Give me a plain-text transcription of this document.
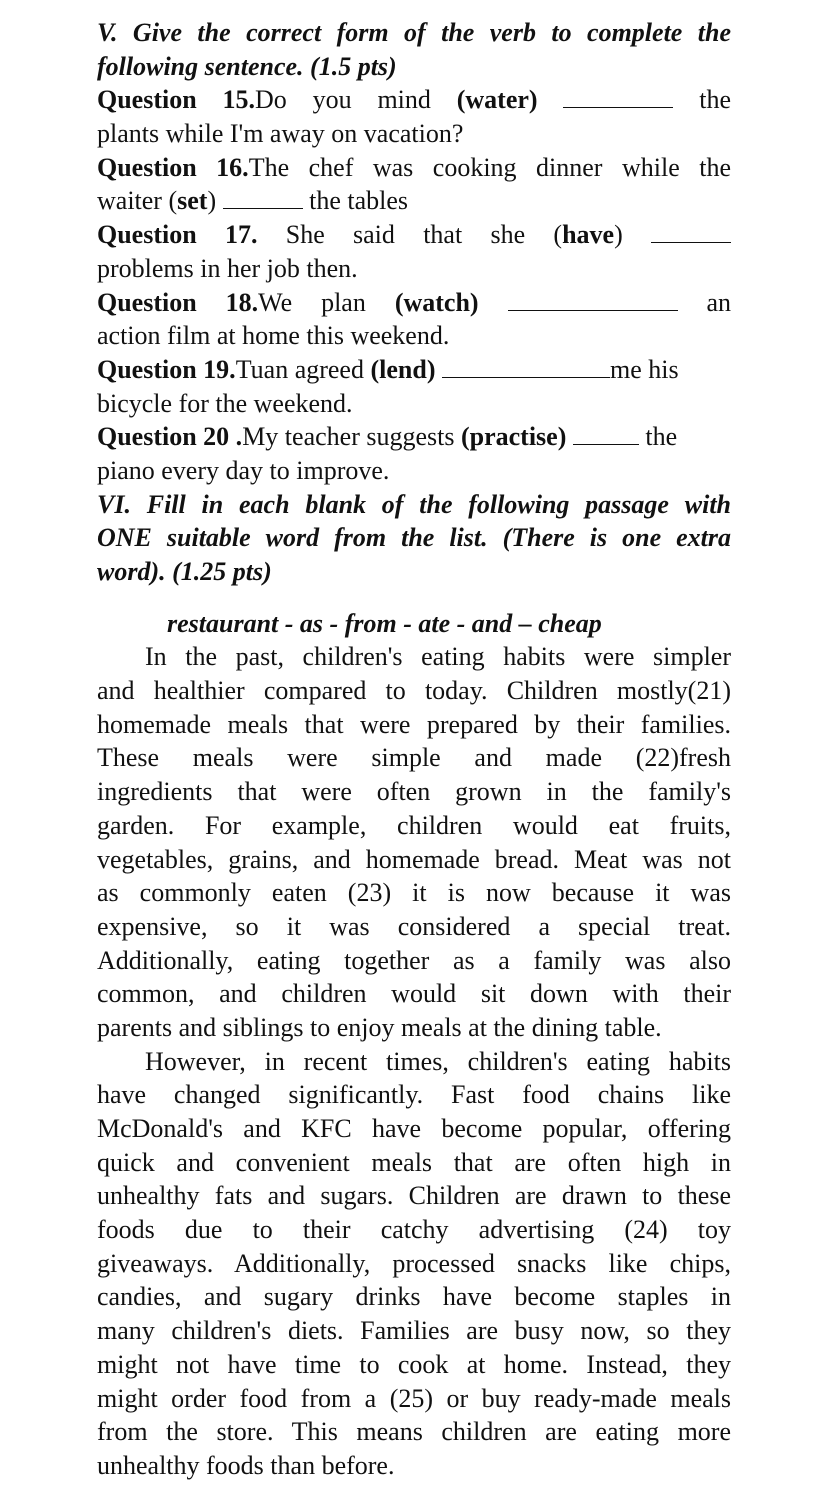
V. Give the correct form of the verb to complete the
following sentence. (1.5 pts)
Question 15.Do you mind (water)	the
plants while I'm away on vacation?
Question 16.The chef was cooking dinner while the
waiter (set)	the tables
Question 17. She said that she (have)
problems in her job then.
Question 18.We plan (watch)	an
action film at home this weekend.
Question 19.Tuan agreed (lend)	me his
bicycle for the weekend.
Question 20 .My teacher suggests (practise)	the
piano every day to improve.
VI. Fill in each blank of the following passage with
ONE suitable word from the list. (There is one extra
word). (1.25 pts)
restaurant - as - from - ate - and – cheap
In the past, children's eating habits were simpler
and healthier compared to today. Children mostly(21)
homemade meals that were prepared by their families.
These meals were simple and made (22)fresh
ingredients that were often grown in the family's
garden. For example, children would eat fruits,
vegetables, grains, and homemade bread. Meat was not
as commonly eaten (23) it is now because it was
expensive, so it was considered a special treat.
Additionally, eating together as a family was also
common, and children would sit down with their
parents and siblings to enjoy meals at the dining table.
However, in recent times, children's eating habits
have changed significantly. Fast food chains like
McDonald's and KFC have become popular, offering
quick and convenient meals that are often high in
unhealthy fats and sugars. Children are drawn to these
foods due to their catchy advertising (24) toy
giveaways. Additionally, processed snacks like chips,
candies, and sugary drinks have become staples in
many children's diets. Families are busy now, so they
might not have time to cook at home. Instead, they
might order food from a (25) or buy ready-made meals
from the store. This means children are eating more
unhealthy foods than before.
